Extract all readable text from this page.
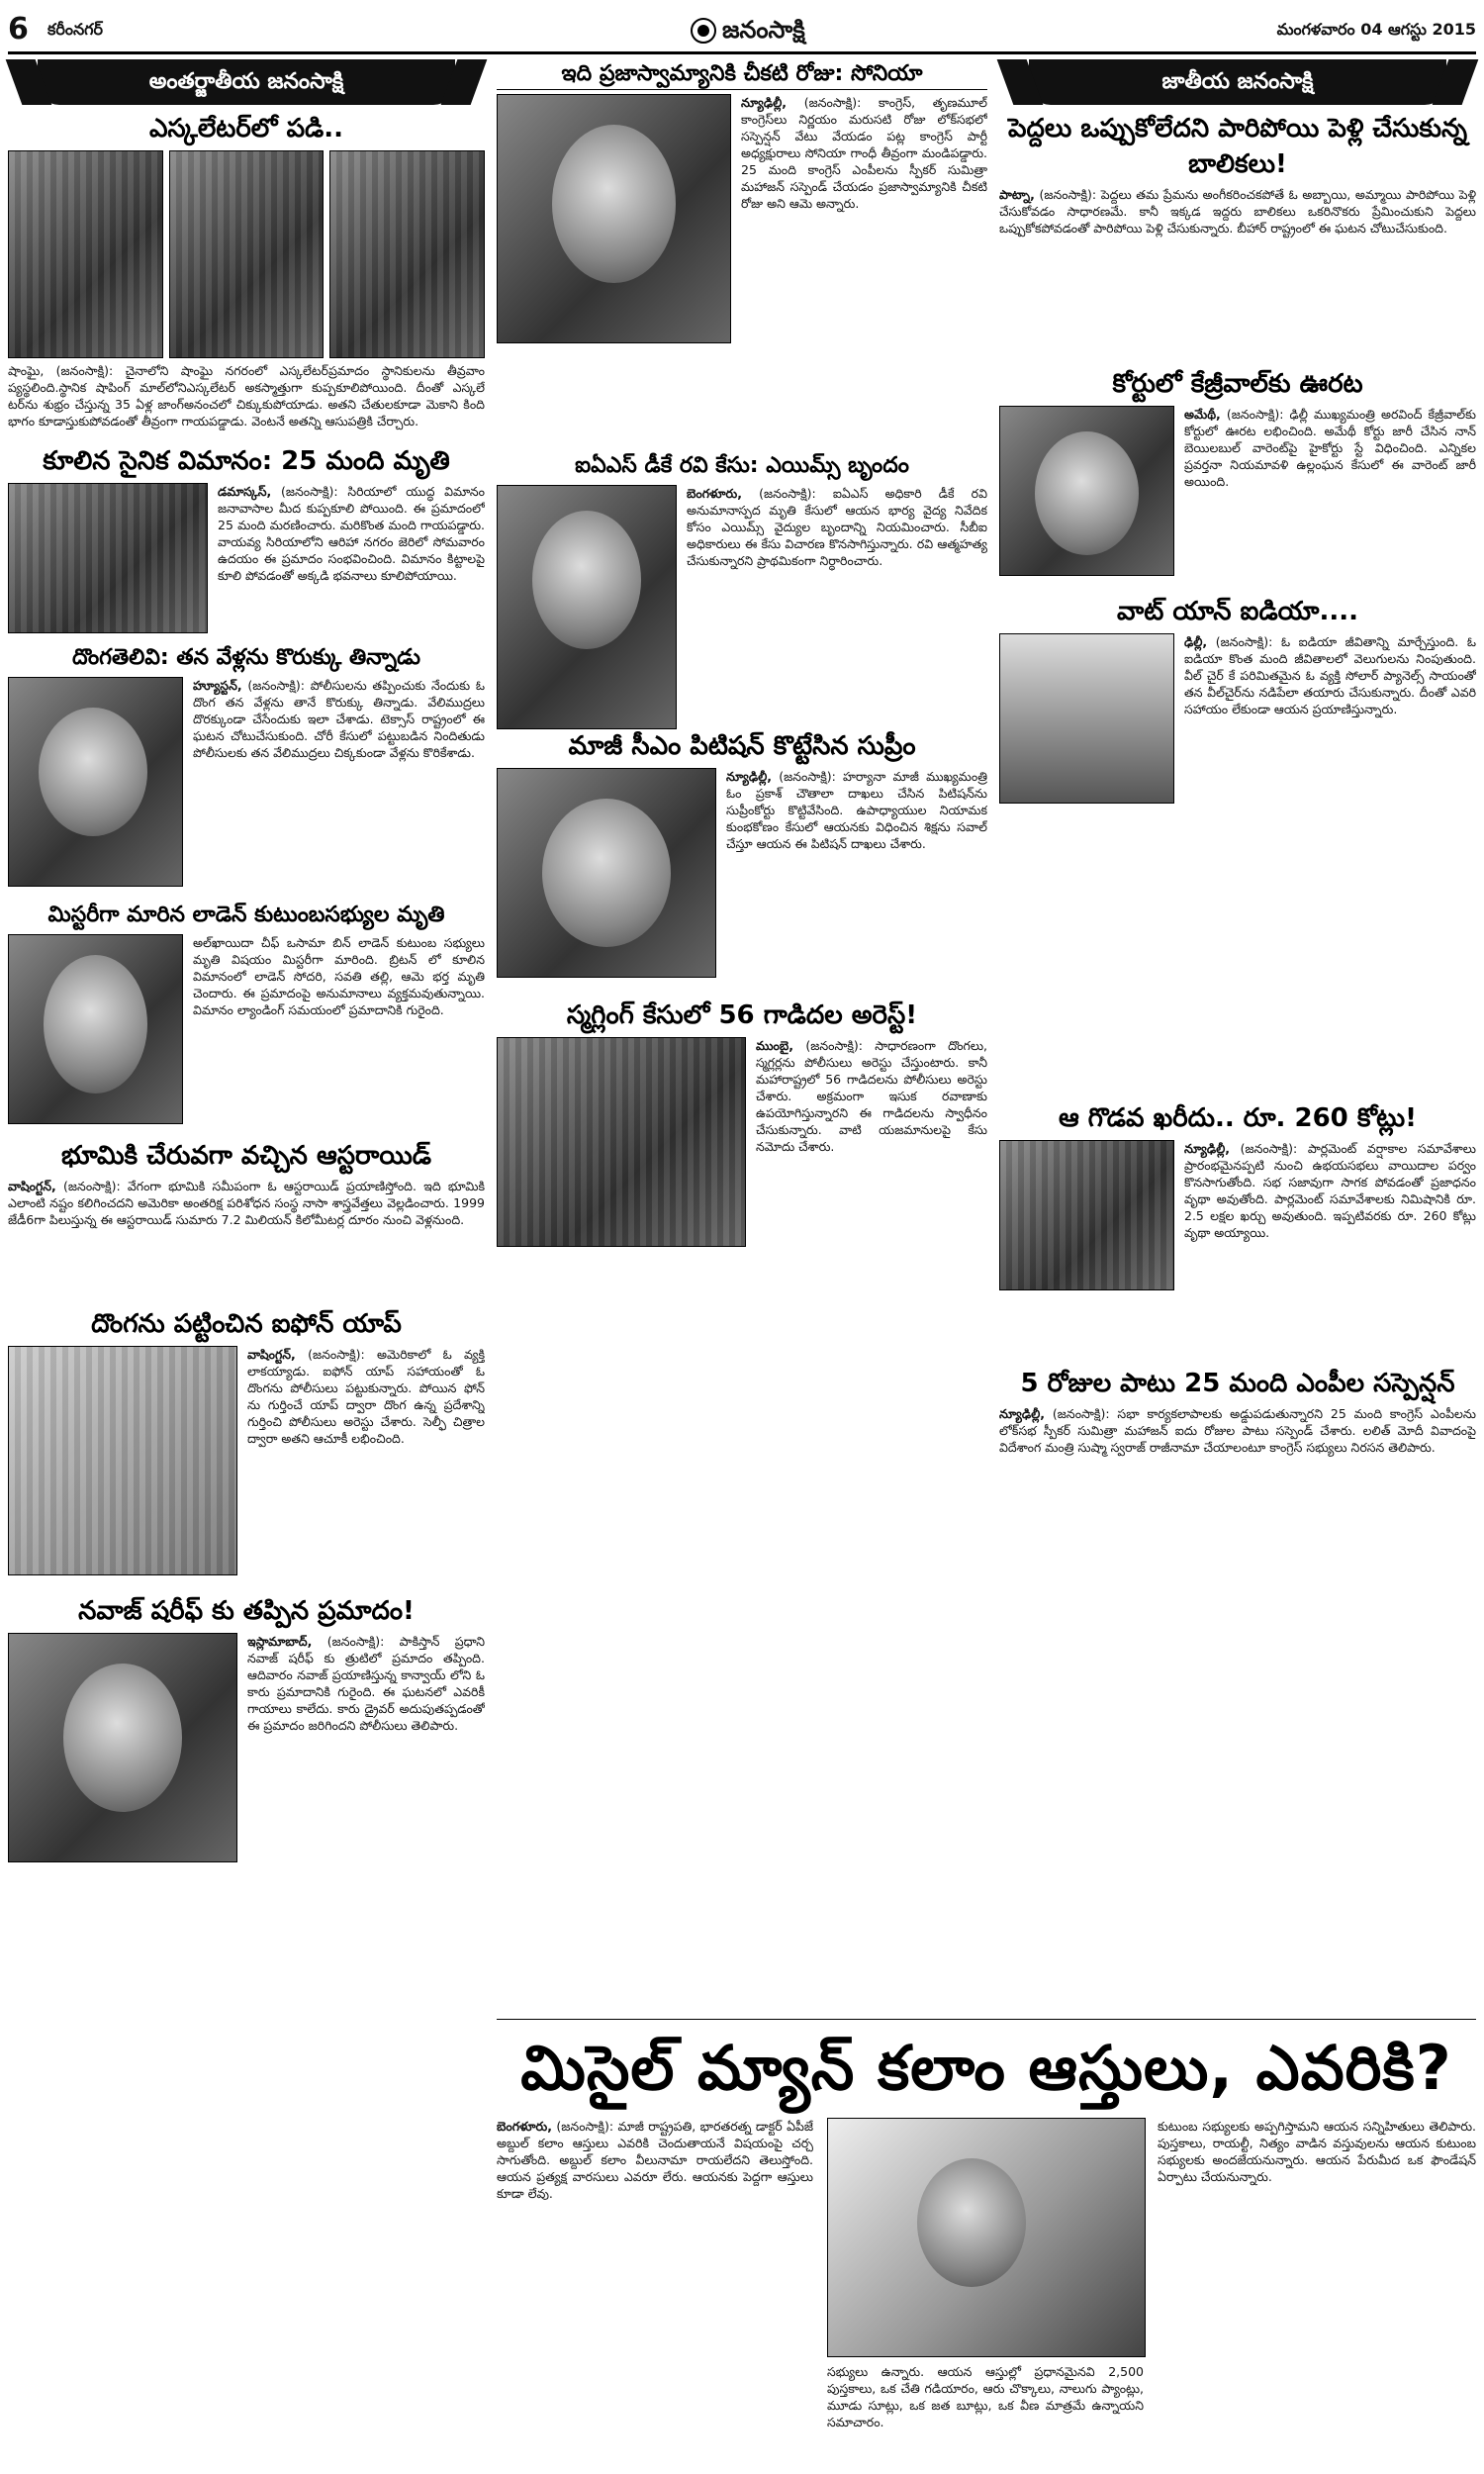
6 కరీంనగర్	జనంసాక్షి	మంగళవారం 04 ఆగస్టు 2015
అంతర్జాతీయ జనంసాక్షి
ఎస్కలేటర్‌లో పడి..
షాంఘై, (జనంసాక్షి): చైనాలోని షాంఘై నగరంలో ఎస్కలేటర్‌ప్రమాదం స్థానికులను తీవ్రవాం ప్యస్థలింది.స్థానిక షాపింగ్ మాల్‌లోనిఎస్కలేటర్ అకస్మాత్తుగా కుప్పకూలిపోయింది. దీంతో ఎస్కలే టర్‌ను శుభ్రం చేస్తున్న 35 ఏళ్ల జాంగ్‌అనంచలో చిక్కుకుపోయాడు. అతని చేతులకూడా మెకాని కింది భాగం కూడాస్తుకుపోవడంతో తీవ్రంగా గాయపడ్డాడు. వెంటనే అతన్ని ఆసుపత్రికి చేర్చారు.
కూలిన సైనిక విమానం: 25 మంది మృతి
డమాస్కస్, (జనంసాక్షి): సిరియాలో యుద్ధ విమానం జనావాసాల మీద కుప్పకూలి పోయింది. ఈ ప్రమాదంలో 25 మంది మరణించారు. మరికొంత మంది గాయపడ్డారు. వాయవ్య సిరియాలోని ఆరిహా నగరం జెరిలో సోమవారం ఉదయం ఈ ప్రమాదం సంభవించింది. విమానం కిట్టాలపై కూలి పోవడంతో అక్కడి భవనాలు కూలిపోయాయి.
దొంగతెలివి: తన వేళ్లను కొరుక్కు తిన్నాడు
హ్యూస్టన్, (జనంసాక్షి): పోలీసులను తప్పించుకు నేందుకు ఓ దొంగ తన వేళ్లను తానే కొరుక్కు తిన్నాడు. వేలిముద్రలు దొరక్కుండా చేసేందుకు ఇలా చేశాడు. టెక్సాస్ రాష్ట్రంలో ఈ ఘటన చోటుచేసుకుంది. చోరీ కేసులో పట్టుబడిన నిందితుడు పోలీసులకు తన వేలిముద్రలు చిక్కకుండా వేళ్లను కొరికేశాడు.
మిస్టరీగా మారిన లాడెన్ కుటుంబసభ్యుల మృతి
అల్‌ఖాయిదా చీఫ్ ఒసామా బిన్ లాడెన్ కుటుంబ సభ్యులు మృతి విషయం మిస్టరీగా మారింది. బ్రిటన్ లో కూలిన విమానంలో లాడెన్ సోదరి, సవతి తల్లి, ఆమె భర్త మృతి చెందారు. ఈ ప్రమాదంపై అనుమానాలు వ్యక్తమవుతున్నాయి. విమానం ల్యాండింగ్ సమయంలో ప్రమాదానికి గురైంది.
భూమికి చేరువగా వచ్చిన ఆస్టరాయిడ్
వాషింగ్టన్, (జనంసాక్షి): వేగంగా భూమికి సమీపంగా ఓ ఆస్టరాయిడ్ ప్రయాణిస్తోంది. ఇది భూమికి ఎలాంటి నష్టం కలిగించదని అమెరికా అంతరిక్ష పరిశోధన సంస్థ నాసా శాస్త్రవేత్తలు వెల్లడించారు. 1999 జేడీ6గా పిలుస్తున్న ఈ ఆస్టరాయిడ్ సుమారు 7.2 మిలియన్ కిలోమీటర్ల దూరం నుంచి వెళ్లనుంది.
దొంగను పట్టించిన ఐఫోన్ యాప్
వాషింగ్టన్, (జనంసాక్షి): అమెరికాలో ఓ వ్యక్తి లాకయ్యాడు. ఐఫోన్ యాప్ సహాయంతో ఓ దొంగను పోలీసులు పట్టుకున్నారు. పోయిన ఫోన్ ను గుర్తించే యాప్ ద్వారా దొంగ ఉన్న ప్రదేశాన్ని గుర్తించి పోలీసులు అరెస్టు చేశారు. సెల్ఫీ చిత్రాల ద్వారా అతని ఆచూకీ లభించింది.
నవాజ్ షరీఫ్ కు తప్పిన ప్రమాదం!
ఇస్లామాబాద్, (జనంసాక్షి): పాకిస్తాన్ ప్రధాని నవాజ్ షరీఫ్ కు త్రుటిలో ప్రమాదం తప్పింది. ఆదివారం నవాజ్ ప్రయాణిస్తున్న కాన్వాయ్ లోని ఓ కారు ప్రమాదానికి గురైంది. ఈ ఘటనలో ఎవరికీ గాయాలు కాలేదు. కారు డ్రైవర్ అదుపుతప్పడంతో ఈ ప్రమాదం జరిగిందని పోలీసులు తెలిపారు.
ఇది ప్రజాస్వామ్యానికి చీకటి రోజు: సోనియా
న్యూఢిల్లీ, (జనంసాక్షి): కాంగ్రెస్, తృణమూల్ కాంగ్రెస్‌లు నిర్ణయం మరుసటి రోజు లోక్‌సభలో సస్పెన్షన్ వేటు వేయడం పట్ల కాంగ్రెస్ పార్టీ అధ్యక్షురాలు సోనియా గాంధీ తీవ్రంగా మండిపడ్డారు. 25 మంది కాంగ్రెస్ ఎంపీలను స్పీకర్ సుమిత్రా మహాజన్ సస్పెండ్ చేయడం ప్రజాస్వామ్యానికి చీకటి రోజు అని ఆమె అన్నారు.
ఐఏఎస్ డీకే రవి కేసు: ఎయిమ్స్ బృందం
బెంగళూరు, (జనంసాక్షి): ఐఏఎస్ అధికారి డీకే రవి అనుమానాస్పద మృతి కేసులో ఆయన భార్య వైద్య నివేదిక కోసం ఎయిమ్స్ వైద్యుల బృందాన్ని నియమించారు. సీబీఐ అధికారులు ఈ కేసు విచారణ కొనసాగిస్తున్నారు. రవి ఆత్మహత్య చేసుకున్నారని ప్రాథమికంగా నిర్ధారించారు.
మాజీ సీఎం పిటిషన్ కొట్టేసిన సుప్రీం
న్యూఢిల్లీ, (జనంసాక్షి): హర్యానా మాజీ ముఖ్యమంత్రి ఓం ప్రకాశ్ చౌతాలా దాఖలు చేసిన పిటిషన్‌ను సుప్రీంకోర్టు కొట్టివేసింది. ఉపాధ్యాయుల నియామక కుంభకోణం కేసులో ఆయనకు విధించిన శిక్షను సవాల్ చేస్తూ ఆయన ఈ పిటిషన్ దాఖలు చేశారు.
స్మగ్లింగ్ కేసులో 56 గాడిదల అరెస్ట్!
ముంబై, (జనంసాక్షి): సాధారణంగా దొంగలు, స్మగ్లర్లను పోలీసులు అరెస్టు చేస్తుంటారు. కానీ మహారాష్ట్రలో 56 గాడిదలను పోలీసులు అరెస్టు చేశారు. అక్రమంగా ఇసుక రవాణాకు ఉపయోగిస్తున్నారని ఈ గాడిదలను స్వాధీనం చేసుకున్నారు. వాటి యజమానులపై కేసు నమోదు చేశారు.
జాతీయ జనంసాక్షి
పెద్దలు ఒప్పుకోలేదని పారిపోయి పెళ్లి చేసుకున్న బాలికలు!
పాట్నా, (జనంసాక్షి): పెద్దలు తమ ప్రేమను అంగీకరించకపోతే ఓ అబ్బాయి, అమ్మాయి పారిపోయి పెళ్లి చేసుకోవడం సాధారణమే. కానీ ఇక్కడ ఇద్దరు బాలికలు ఒకరినొకరు ప్రేమించుకుని పెద్దలు ఒప్పుకోకపోవడంతో పారిపోయి పెళ్లి చేసుకున్నారు. బీహార్ రాష్ట్రంలో ఈ ఘటన చోటుచేసుకుంది.
కోర్టులో కేజ్రీవాల్‌కు ఊరట
అమేథీ, (జనంసాక్షి): ఢిల్లీ ముఖ్యమంత్రి అరవింద్ కేజ్రీవాల్‌కు కోర్టులో ఊరట లభించింది. అమేథీ కోర్టు జారీ చేసిన నాన్ బెయిలబుల్ వారెంట్‌పై హైకోర్టు స్టే విధించింది. ఎన్నికల ప్రవర్తనా నియమావళి ఉల్లంఘన కేసులో ఈ వారెంట్ జారీ అయింది.
వాట్ యాన్ ఐడియా....
ఢిల్లీ, (జనంసాక్షి): ఓ ఐడియా జీవితాన్ని మార్చేస్తుంది. ఓ ఐడియా కొంత మంది జీవితాలలో వెలుగులను నింపుతుంది. వీల్ చైర్ కే పరిమితమైన ఓ వ్యక్తి సోలార్ ప్యానెల్స్ సాయంతో తన వీల్‌చైర్‌ను నడిపేలా తయారు చేసుకున్నారు. దీంతో ఎవరి సహాయం లేకుండా ఆయన ప్రయాణిస్తున్నారు.
ఆ గొడవ ఖరీదు.. రూ. 260 కోట్లు!
న్యూఢిల్లీ, (జనంసాక్షి): పార్లమెంట్ వర్షాకాల సమావేశాలు ప్రారంభమైనప్పటి నుంచి ఉభయసభలు వాయిదాల పర్వం కొనసాగుతోంది. సభ సజావుగా సాగక పోవడంతో ప్రజాధనం వృథా అవుతోంది. పార్లమెంట్ సమావేశాలకు నిమిషానికి రూ. 2.5 లక్షల ఖర్చు అవుతుంది. ఇప్పటివరకు రూ. 260 కోట్లు వృథా అయ్యాయి.
5 రోజుల పాటు 25 మంది ఎంపీల సస్పెన్షన్
న్యూఢిల్లీ, (జనంసాక్షి): సభా కార్యకలాపాలకు అడ్డుపడుతున్నారని 25 మంది కాంగ్రెస్ ఎంపీలను లోక్‌సభ స్పీకర్ సుమిత్రా మహాజన్ ఐదు రోజుల పాటు సస్పెండ్ చేశారు. లలిత్ మోదీ వివాదంపై విదేశాంగ మంత్రి సుష్మా స్వరాజ్ రాజీనామా చేయాలంటూ కాంగ్రెస్ సభ్యులు నిరసన తెలిపారు.
మిసైల్ మ్యాన్ కలాం ఆస్తులు, ఎవరికి?
బెంగళూరు, (జనంసాక్షి): మాజీ రాష్ట్రపతి, భారతరత్న డాక్టర్ ఏపీజే అబ్దుల్ కలాం ఆస్తులు ఎవరికి చెందుతాయనే విషయంపై చర్చ సాగుతోంది. అబ్దుల్ కలాం వీలునామా రాయలేదని తెలుస్తోంది. ఆయన ప్రత్యక్ష వారసులు ఎవరూ లేరు. ఆయనకు పెద్దగా ఆస్తులు కూడా లేవు.
సభ్యులు ఉన్నారు. ఆయన ఆస్తుల్లో ప్రధానమైనవి 2,500 పుస్తకాలు, ఒక చేతి గడియారం, ఆరు చొక్కాలు, నాలుగు ప్యాంట్లు, మూడు సూట్లు, ఒక జత బూట్లు, ఒక వీణ మాత్రమే ఉన్నాయని సమాచారం.
కుటుంబ సభ్యులకు అప్పగిస్తామని ఆయన సన్నిహితులు తెలిపారు. పుస్తకాలు, రాయల్టీ, నిత్యం వాడిన వస్తువులను ఆయన కుటుంబ సభ్యులకు అందజేయనున్నారు. ఆయన పేరుమీద ఒక ఫౌండేషన్ ఏర్పాటు చేయనున్నారు.
